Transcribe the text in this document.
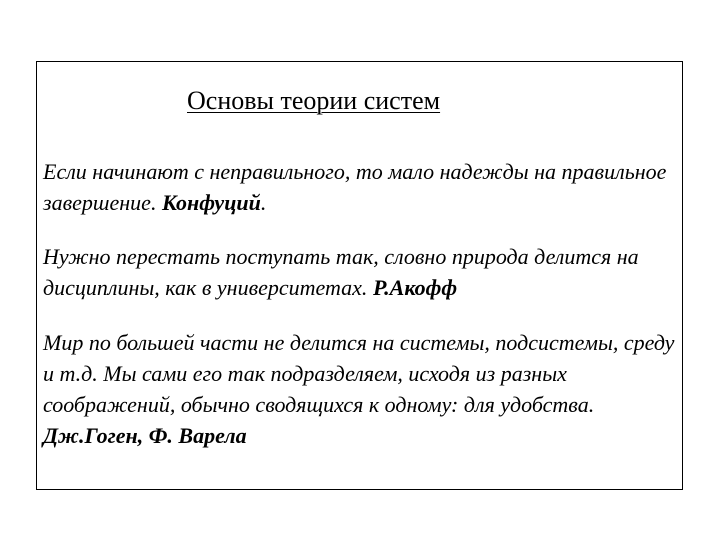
Основы теории систем

Если начинают с неправильного, то мало надежды на правильное завершение. Конфуций.

Нужно перестать поступать так, словно природа делится на дисциплины, как в университетах. Р.Акофф

Мир по большей части не делится на системы, подсистемы, среду и т.д. Мы сами его так подразделяем, исходя из разных соображений, обычно сводящихся к одному: для удобства. Дж.Гоген, Ф. Варела
